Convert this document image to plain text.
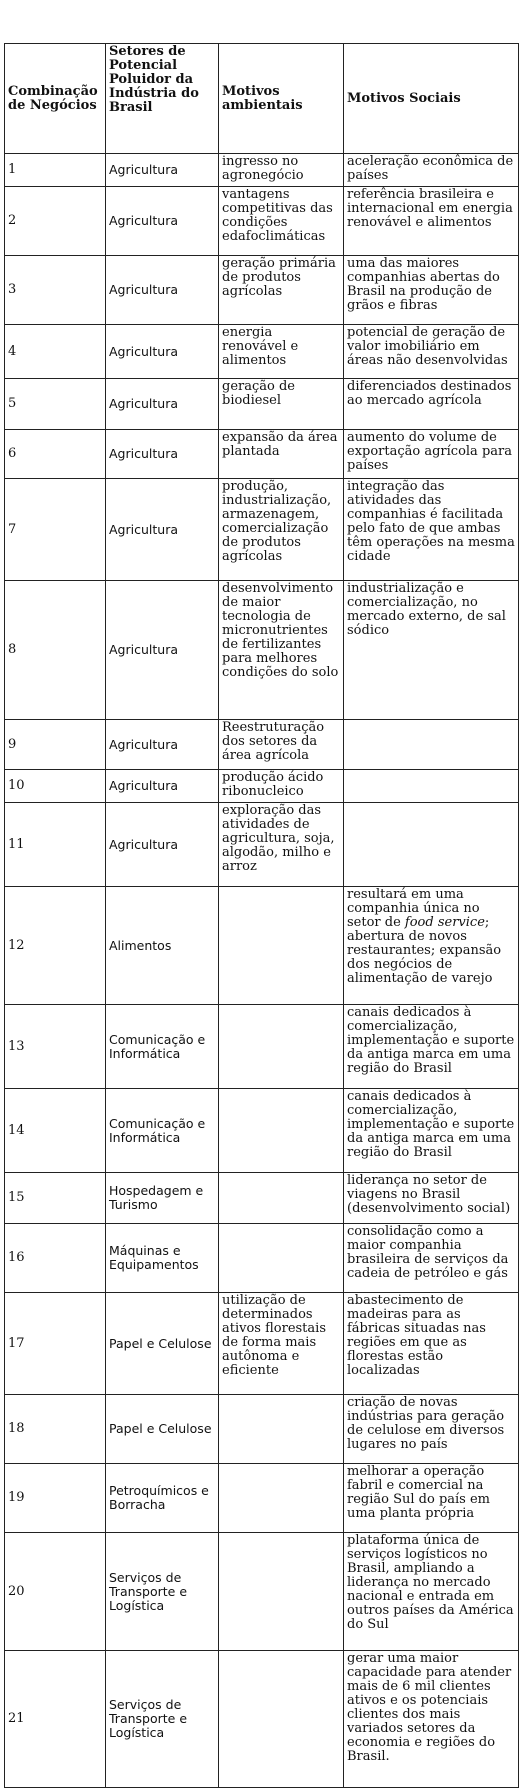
Combinação de Negócios	Setores de Potencial Poluidor da Indústria do Brasil	Motivos ambientais	Motivos Sociais
1	Agricultura	ingresso no agronegócio	aceleração econômica de países
2	Agricultura	vantagens competitivas das condições edafoclimáticas	referência brasileira e internacional em energia renovável e alimentos
3	Agricultura	geração primária de produtos agrícolas	uma das maiores companhias abertas do Brasil na produção de grãos e fibras
4	Agricultura	energia renovável e alimentos	potencial de geração de valor imobiliário em áreas não desenvolvidas
5	Agricultura	geração de biodiesel	diferenciados destinados ao mercado agrícola
6	Agricultura	expansão da área plantada	aumento do volume de exportação agrícola para países
7	Agricultura	produção, industrialização, armazenagem, comercialização de produtos agrícolas	integração das atividades das companhias é facilitada pelo fato de que ambas têm operações na mesma cidade
8	Agricultura	desenvolvimento de maior tecnologia de micronutrientes de fertilizantes para melhores condições do solo	industrialização e comercialização, no mercado externo, de sal sódico
9	Agricultura	Reestruturação dos setores da área agrícola	
10	Agricultura	produção ácido ribonucleico	
11	Agricultura	exploração das atividades de agricultura, soja, algodão, milho e arroz	
12	Alimentos		resultará em uma companhia única no setor de food service; abertura de novos restaurantes; expansão dos negócios de alimentação de varejo
13	Comunicação e Informática		canais dedicados à comercialização, implementação e suporte da antiga marca em uma região do Brasil
14	Comunicação e Informática		canais dedicados à comercialização, implementação e suporte da antiga marca em uma região do Brasil
15	Hospedagem e Turismo		liderança no setor de viagens no Brasil (desenvolvimento social)
16	Máquinas e Equipamentos		consolidação como a maior companhia brasileira de serviços da cadeia de petróleo e gás
17	Papel e Celulose	utilização de determinados ativos florestais de forma mais autônoma e eficiente	abastecimento de madeiras para as fábricas situadas nas regiões em que as florestas estão localizadas
18	Papel e Celulose		criação de novas indústrias para geração de celulose em diversos lugares no país
19	Petroquímicos e Borracha		melhorar a operação fabril e comercial na região Sul do país em uma planta própria
20	Serviços de Transporte e Logística		plataforma única de serviços logísticos no Brasil, ampliando a liderança no mercado nacional e entrada em outros países da América do Sul
21	Serviços de Transporte e Logística		gerar uma maior capacidade para atender mais de 6 mil clientes ativos e os potenciais clientes dos mais variados setores da economia e regiões do Brasil.
